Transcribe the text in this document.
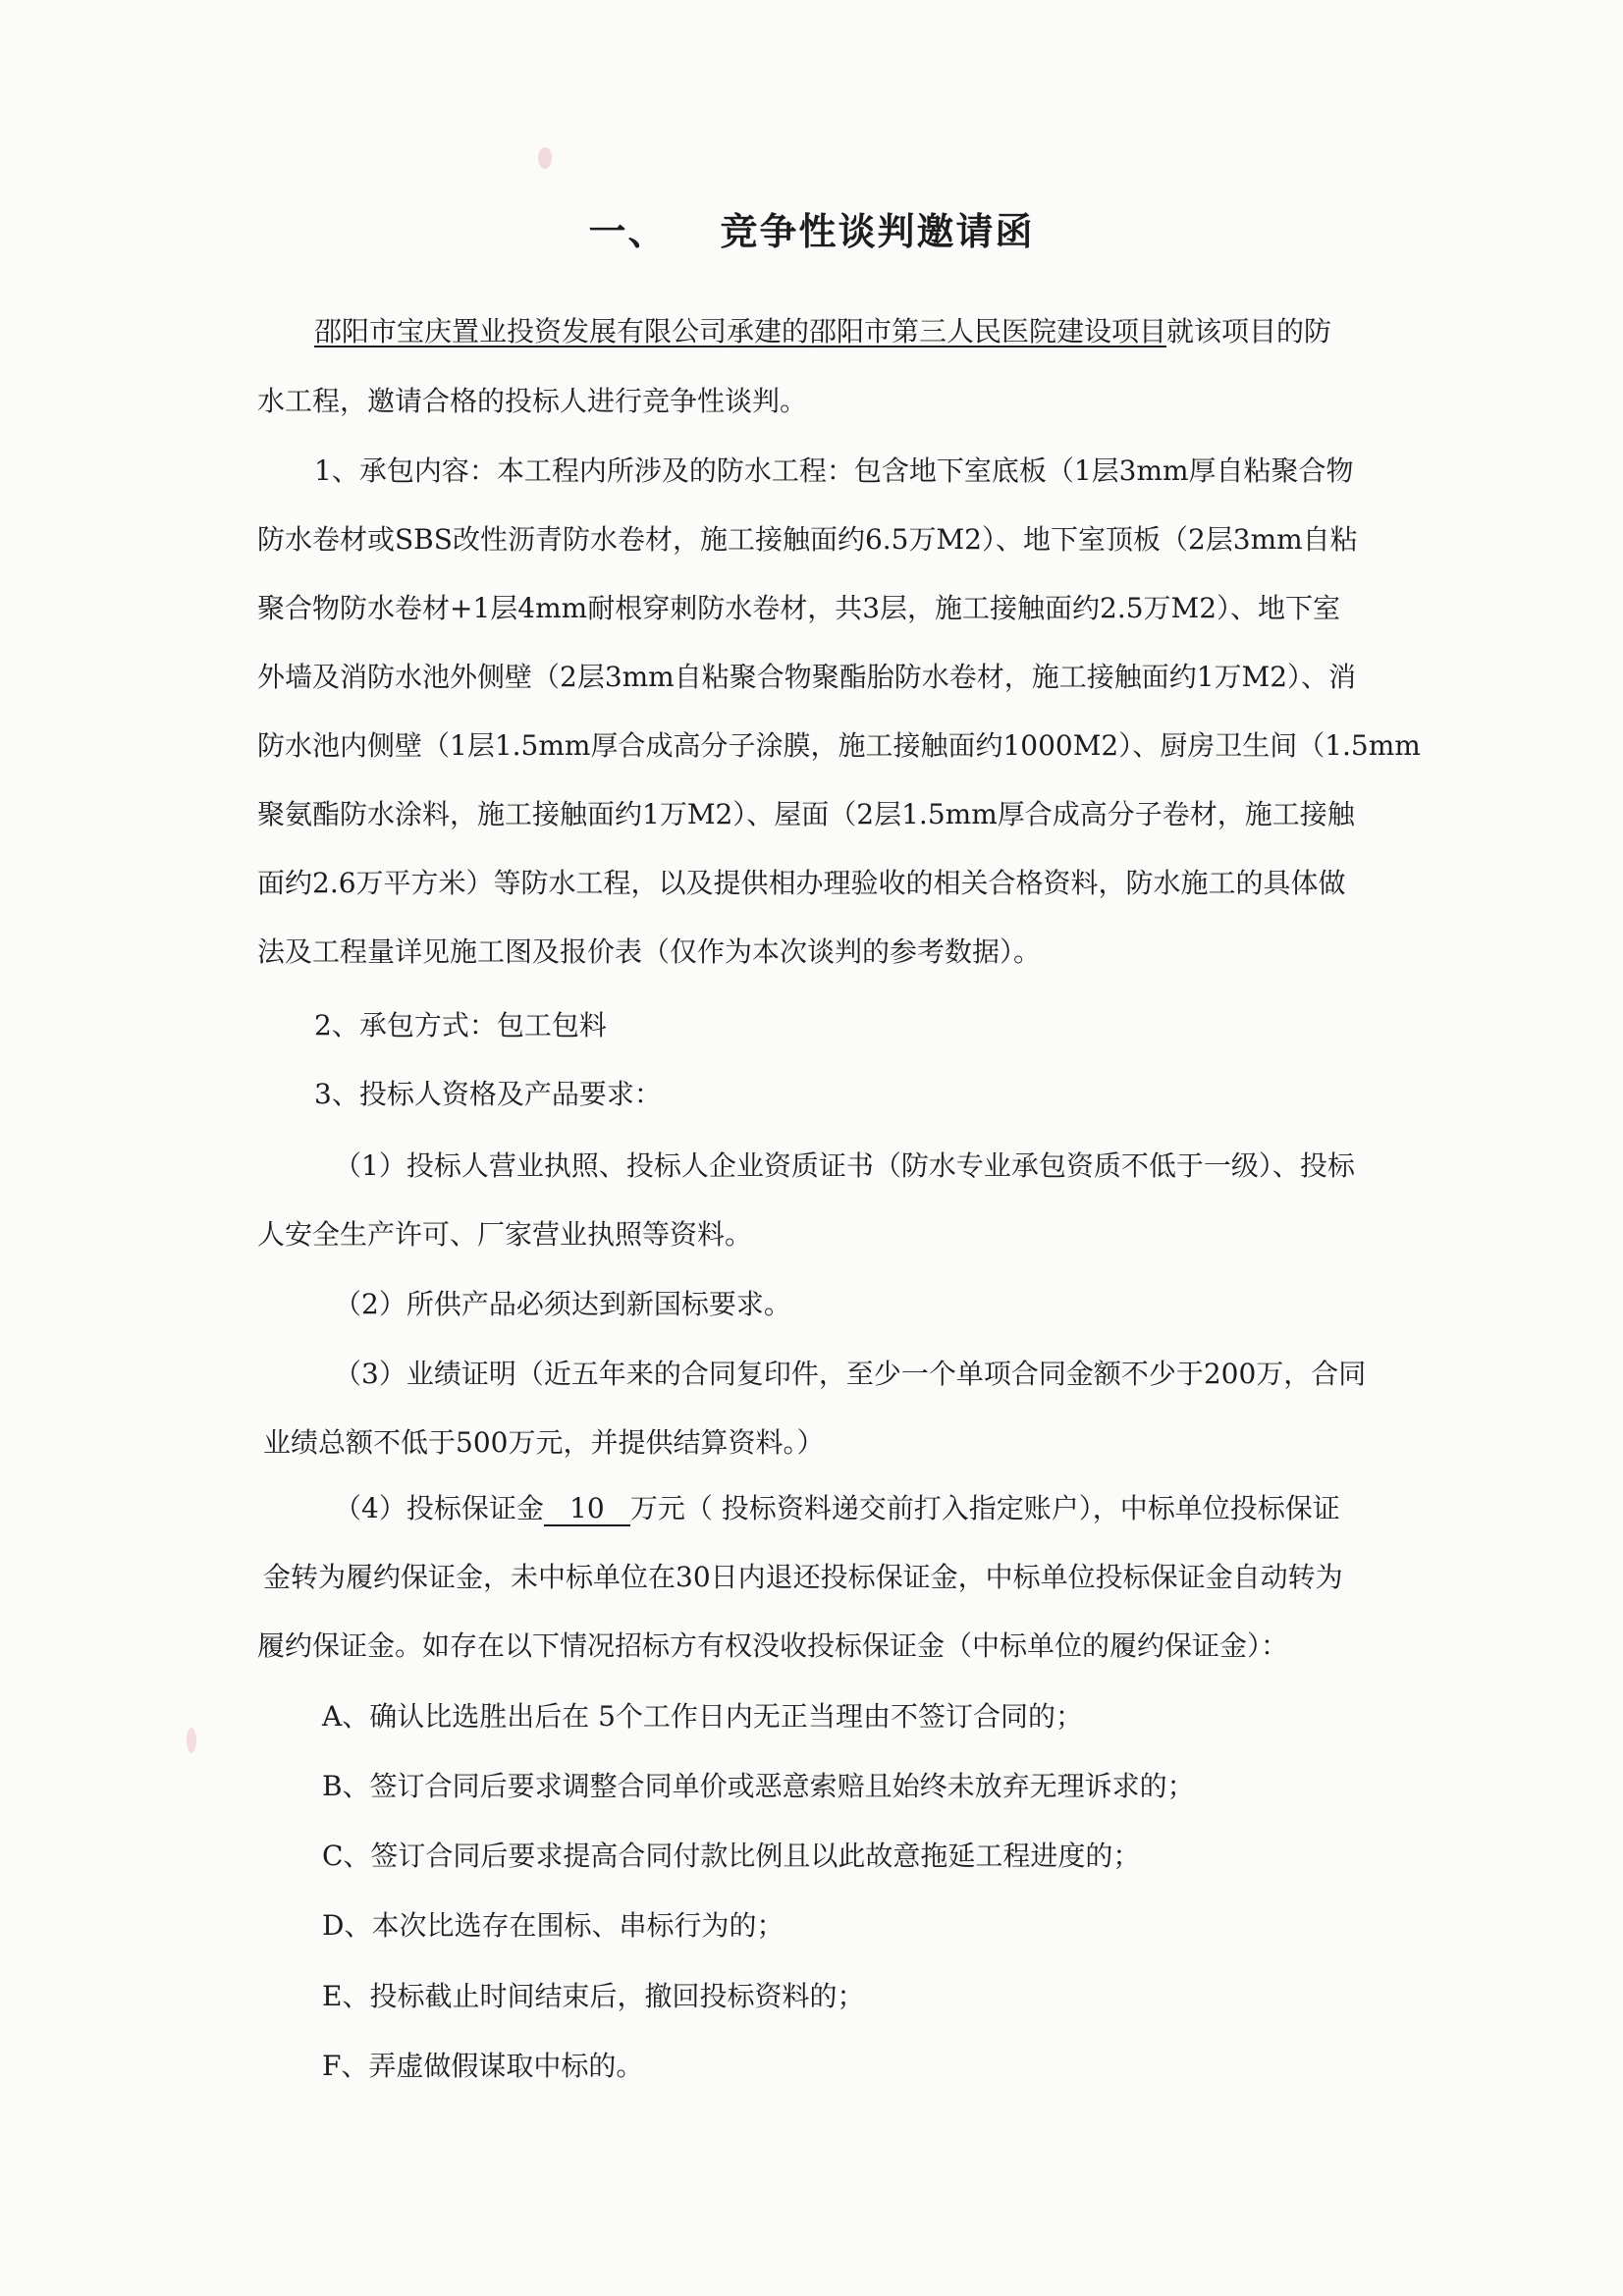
一、 竞争性谈判邀请函
邵阳市宝庆置业投资发展有限公司承建的邵阳市第三人民医院建设项目就该项目的防
水工程，邀请合格的投标人进行竞争性谈判。
1、承包内容：本工程内所涉及的防水工程：包含地下室底板（1层3mm厚自粘聚合物
防水卷材或SBS改性沥青防水卷材，施工接触面约6.5万M2）、地下室顶板（2层3mm自粘
聚合物防水卷材+1层4mm耐根穿刺防水卷材，共3层，施工接触面约2.5万M2）、地下室
外墙及消防水池外侧壁（2层3mm自粘聚合物聚酯胎防水卷材，施工接触面约1万M2）、消
防水池内侧壁（1层1.5mm厚合成高分子涂膜，施工接触面约1000M2）、厨房卫生间（1.5mm
聚氨酯防水涂料，施工接触面约1万M2）、屋面（2层1.5mm厚合成高分子卷材，施工接触
面约2.6万平方米）等防水工程，以及提供相办理验收的相关合格资料，防水施工的具体做
法及工程量详见施工图及报价表（仅作为本次谈判的参考数据）。
2、承包方式：包工包料
3、投标人资格及产品要求：
（1）投标人营业执照、投标人企业资质证书（防水专业承包资质不低于一级）、投标
人安全生产许可、厂家营业执照等资料。
（2）所供产品必须达到新国标要求。
（3）业绩证明（近五年来的合同复印件，至少一个单项合同金额不少于200万，合同
业绩总额不低于500万元，并提供结算资料。）
（4）投标保证金 10 万元（ 投标资料递交前打入指定账户），中标单位投标保证
金转为履约保证金，未中标单位在30日内退还投标保证金，中标单位投标保证金自动转为
履约保证金。如存在以下情况招标方有权没收投标保证金（中标单位的履约保证金）：
A、确认比选胜出后在 5个工作日内无正当理由不签订合同的；
B、签订合同后要求调整合同单价或恶意索赔且始终未放弃无理诉求的；
C、签订合同后要求提高合同付款比例且以此故意拖延工程进度的；
D、本次比选存在围标、串标行为的；
E、投标截止时间结束后，撤回投标资料的；
F、弄虚做假谋取中标的。
